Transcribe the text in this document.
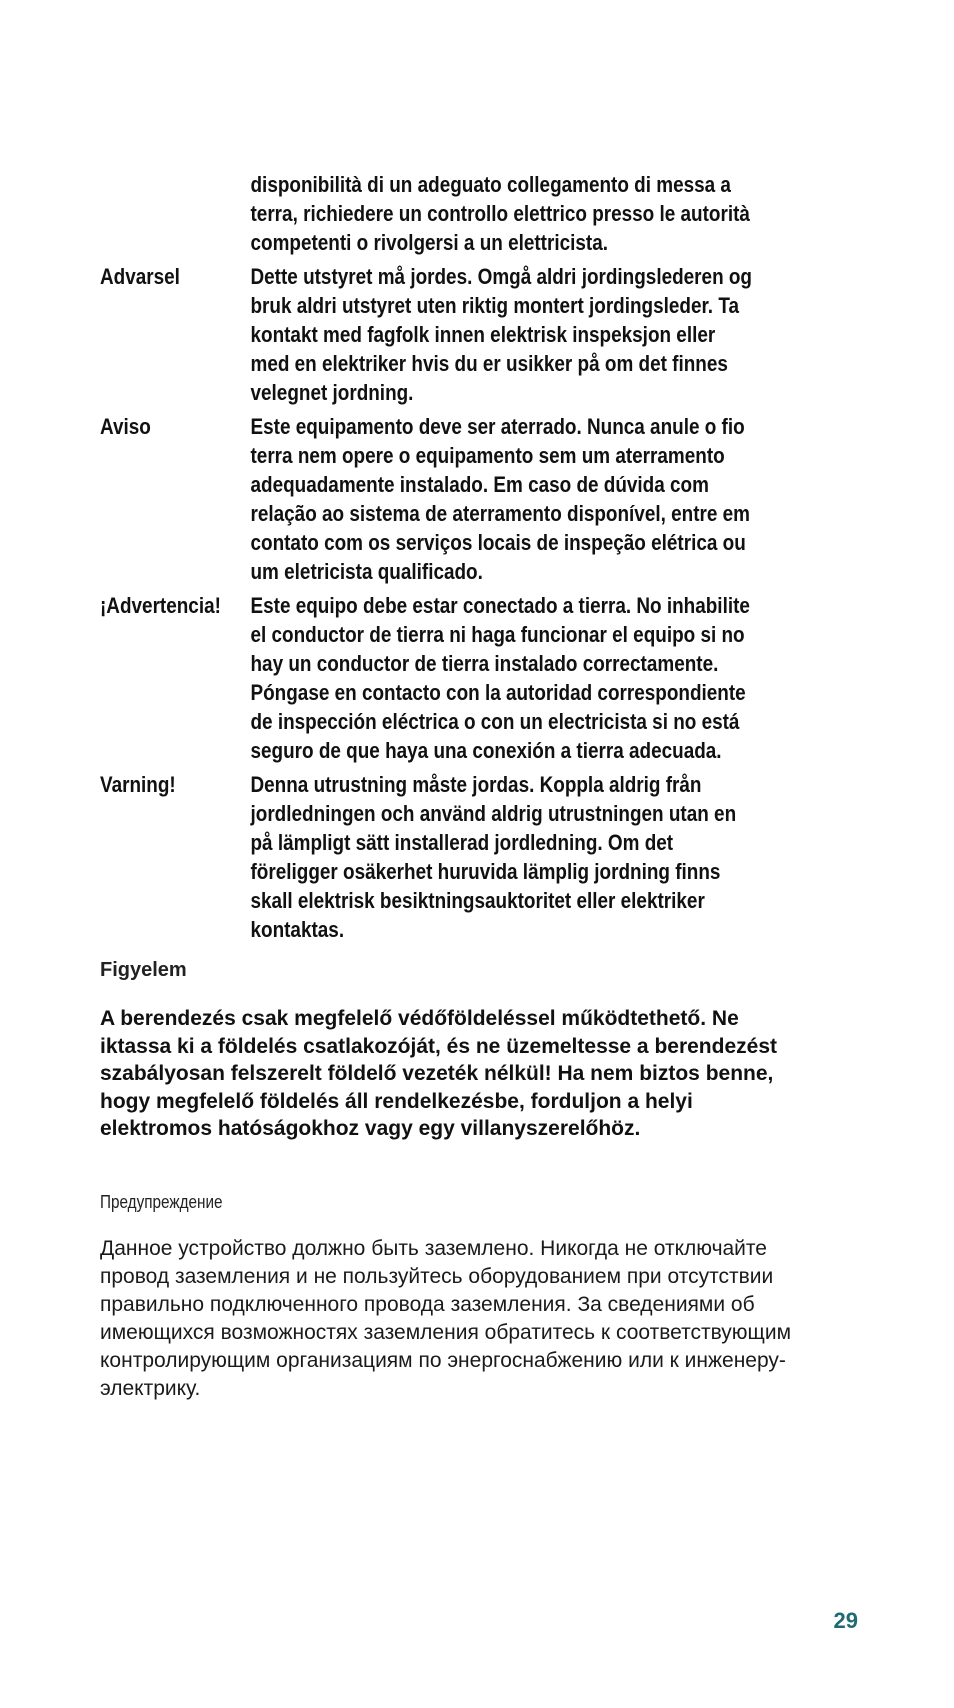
disponibilità di un adeguato collegamento di messa a terra, richiedere un controllo elettrico presso le autorità competenti o rivolgersi a un elettricista.
Advarsel	Dette utstyret må jordes. Omgå aldri jordingslederen og bruk aldri utstyret uten riktig montert jordingsleder. Ta kontakt med fagfolk innen elektrisk inspeksjon eller med en elektriker hvis du er usikker på om det finnes velegnet jordning.
Aviso	Este equipamento deve ser aterrado. Nunca anule o fio terra nem opere o equipamento sem um aterramento adequadamente instalado. Em caso de dúvida com relação ao sistema de aterramento disponível, entre em contato com os serviços locais de inspeção elétrica ou um eletricista qualificado.
¡Advertencia!	Este equipo debe estar conectado a tierra. No inhabilite el conductor de tierra ni haga funcionar el equipo si no hay un conductor de tierra instalado correctamente. Póngase en contacto con la autoridad correspondiente de inspección eléctrica o con un electricista si no está seguro de que haya una conexión a tierra adecuada.
Varning!	Denna utrustning måste jordas. Koppla aldrig från jordledningen och använd aldrig utrustningen utan en på lämpligt sätt installerad jordledning. Om det föreligger osäkerhet huruvida lämplig jordning finns skall elektrisk besiktningsauktoritet eller elektriker kontaktas.
Figyelem
A berendezés csak megfelelő védőföldeléssel működtethető. Ne iktassa ki a földelés csatlakozóját, és ne üzemeltesse a berendezést szabályosan felszerelt földelő vezeték nélkül! Ha nem biztos benne, hogy megfelelő földelés áll rendelkezésbe, forduljon a helyi elektromos hatóságokhoz vagy egy villanyszerelőhöz.
Предупреждение
Данное устройство должно быть заземлено. Никогда не отключайте провод заземления и не пользуйтесь оборудованием при отсутствии правильно подключенного провода заземления. За сведениями об имеющихся возможностях заземления обратитесь к соответствующим контролирующим организациям по энергоснабжению или к инженеру-электрику.
29
